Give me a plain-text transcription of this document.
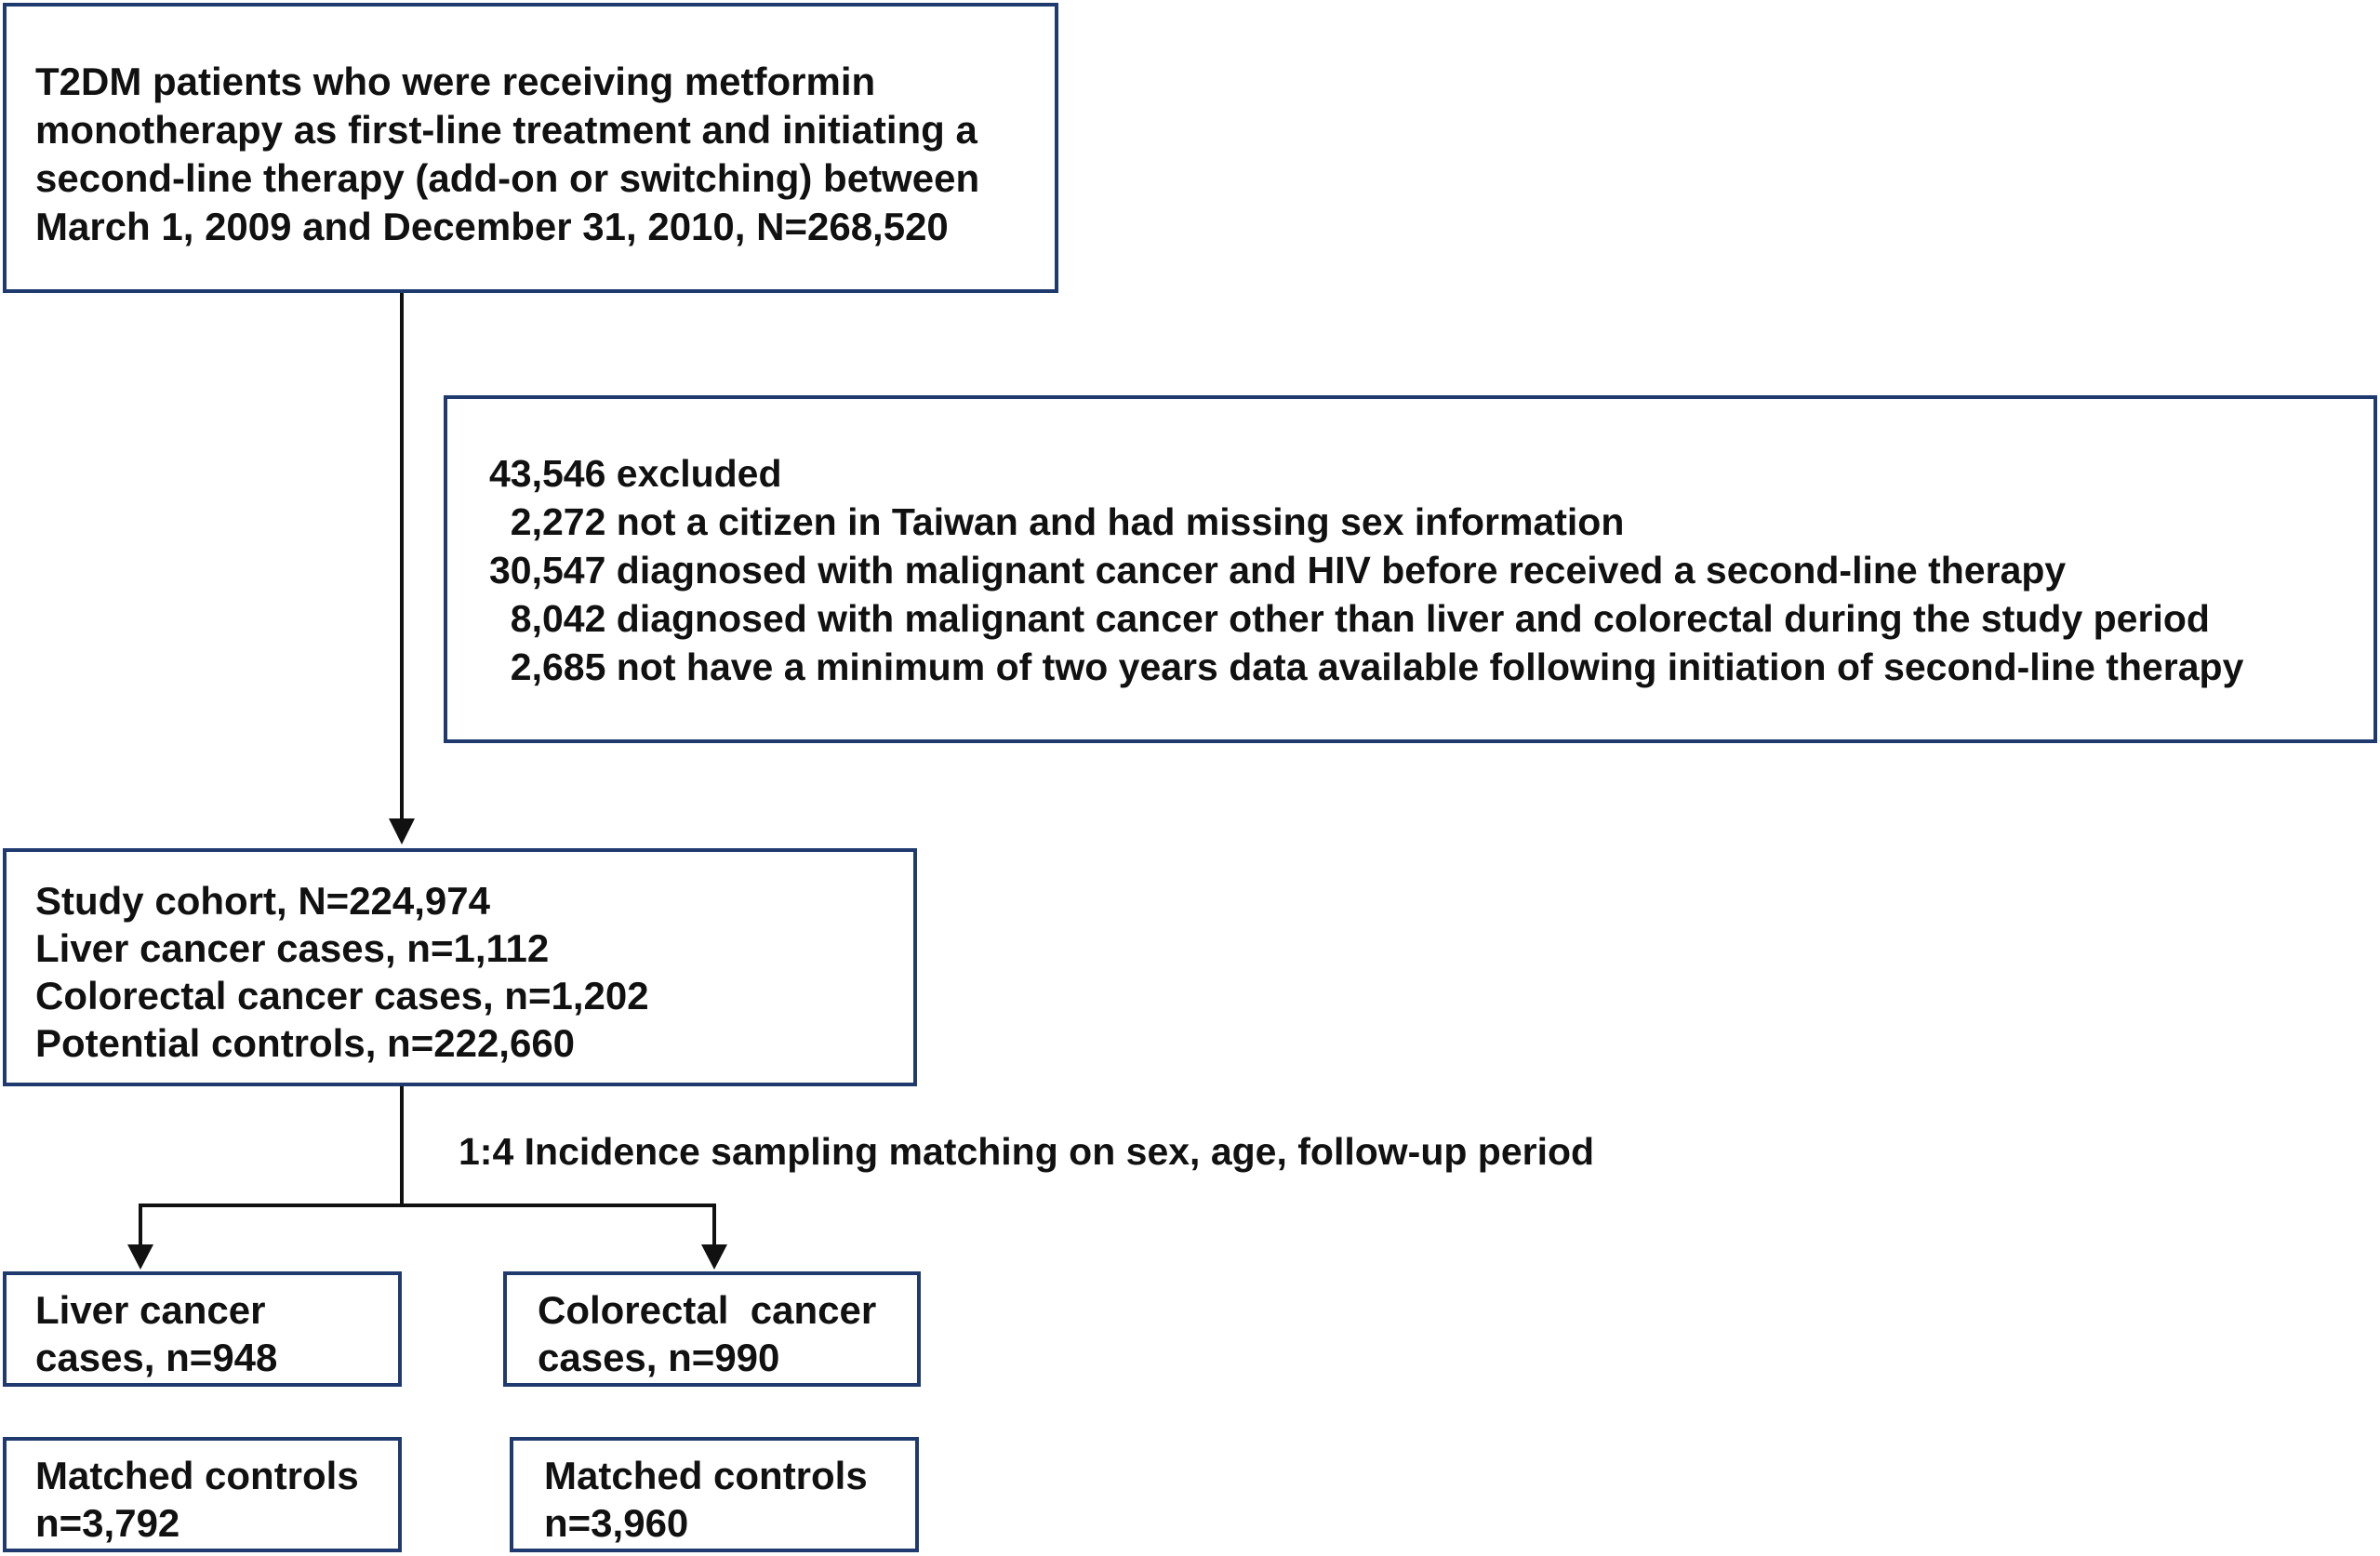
T2DM patients who were receiving metformin
monotherapy as first-line treatment and initiating a
second-line therapy (add-on or switching) between
March 1, 2009 and December 31, 2010, N=268,520
43,546 excluded
2,272 not a citizen in Taiwan and had missing sex information
30,547 diagnosed with malignant cancer and HIV before received a second-line therapy
8,042 diagnosed with malignant cancer other than liver and colorectal during the study period
2,685 not have a minimum of two years data available following initiation of second-line therapy
Study cohort, N=224,974
Liver cancer cases, n=1,112
Colorectal cancer cases, n=1,202
Potential controls, n=222,660
1:4 Incidence sampling matching on sex, age, follow-up period
Liver cancer
cases, n=948
Colorectal  cancer
cases, n=990
Matched controls
n=3,792
Matched controls
n=3,960
